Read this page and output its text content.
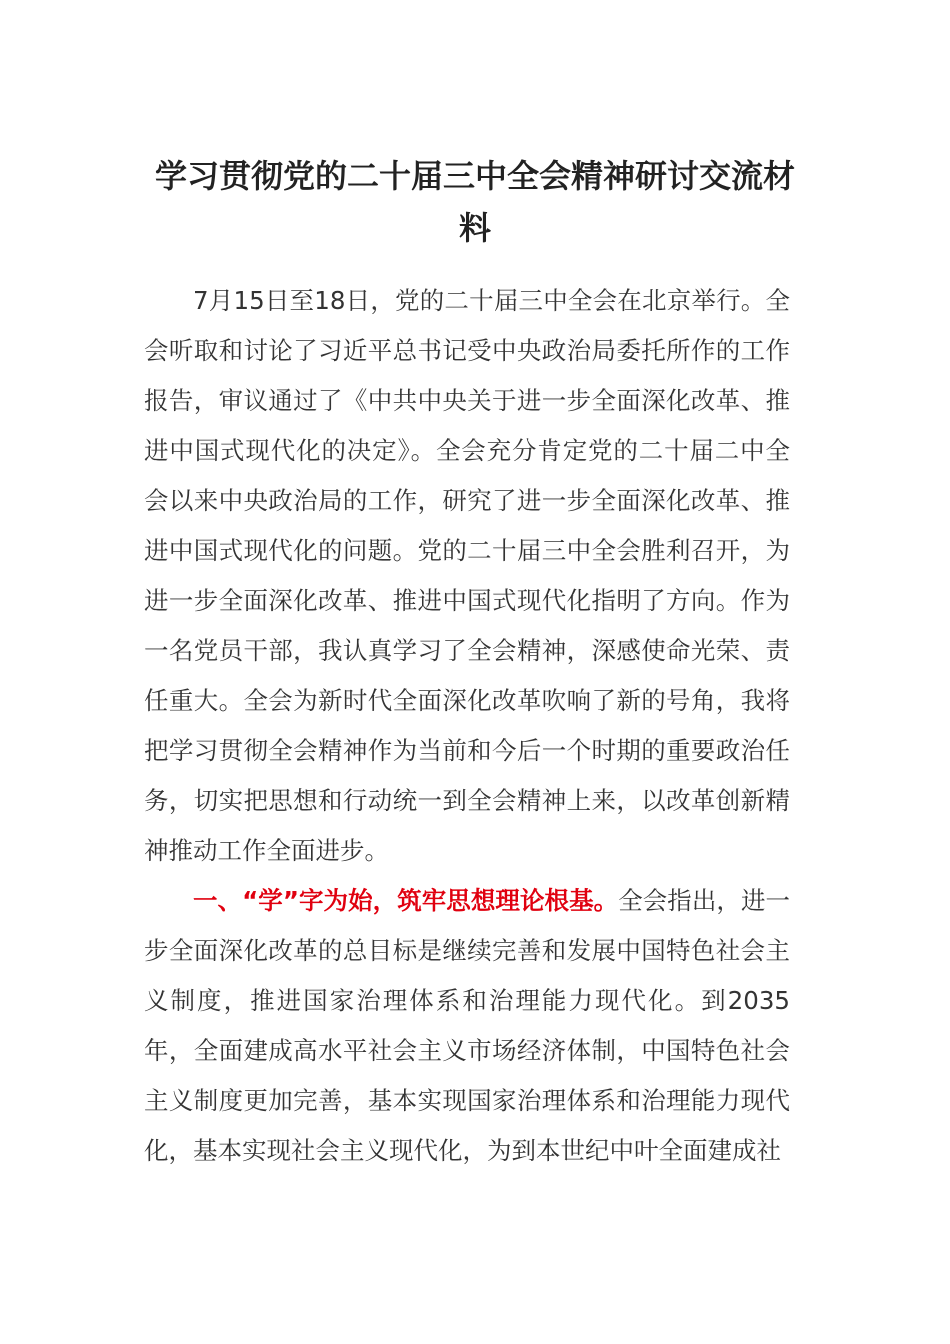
学习贯彻党的二十届三中全会精神研讨交流材料

7月15日至18日，党的二十届三中全会在北京举行。全会听取和讨论了习近平总书记受中央政治局委托所作的工作报告，审议通过了《中共中央关于进一步全面深化改革、推进中国式现代化的决定》。全会充分肯定党的二十届二中全会以来中央政治局的工作，研究了进一步全面深化改革、推进中国式现代化的问题。党的二十届三中全会胜利召开，为进一步全面深化改革、推进中国式现代化指明了方向。作为一名党员干部，我认真学习了全会精神，深感使命光荣、责任重大。全会为新时代全面深化改革吹响了新的号角，我将把学习贯彻全会精神作为当前和今后一个时期的重要政治任务，切实把思想和行动统一到全会精神上来，以改革创新精神推动工作全面进步。

一、“学”字为始，筑牢思想理论根基。全会指出，进一步全面深化改革的总目标是继续完善和发展中国特色社会主义制度，推进国家治理体系和治理能力现代化。到2035年，全面建成高水平社会主义市场经济体制，中国特色社会主义制度更加完善，基本实现国家治理体系和治理能力现代化，基本实现社会主义现代化，为到本世纪中叶全面建成社
